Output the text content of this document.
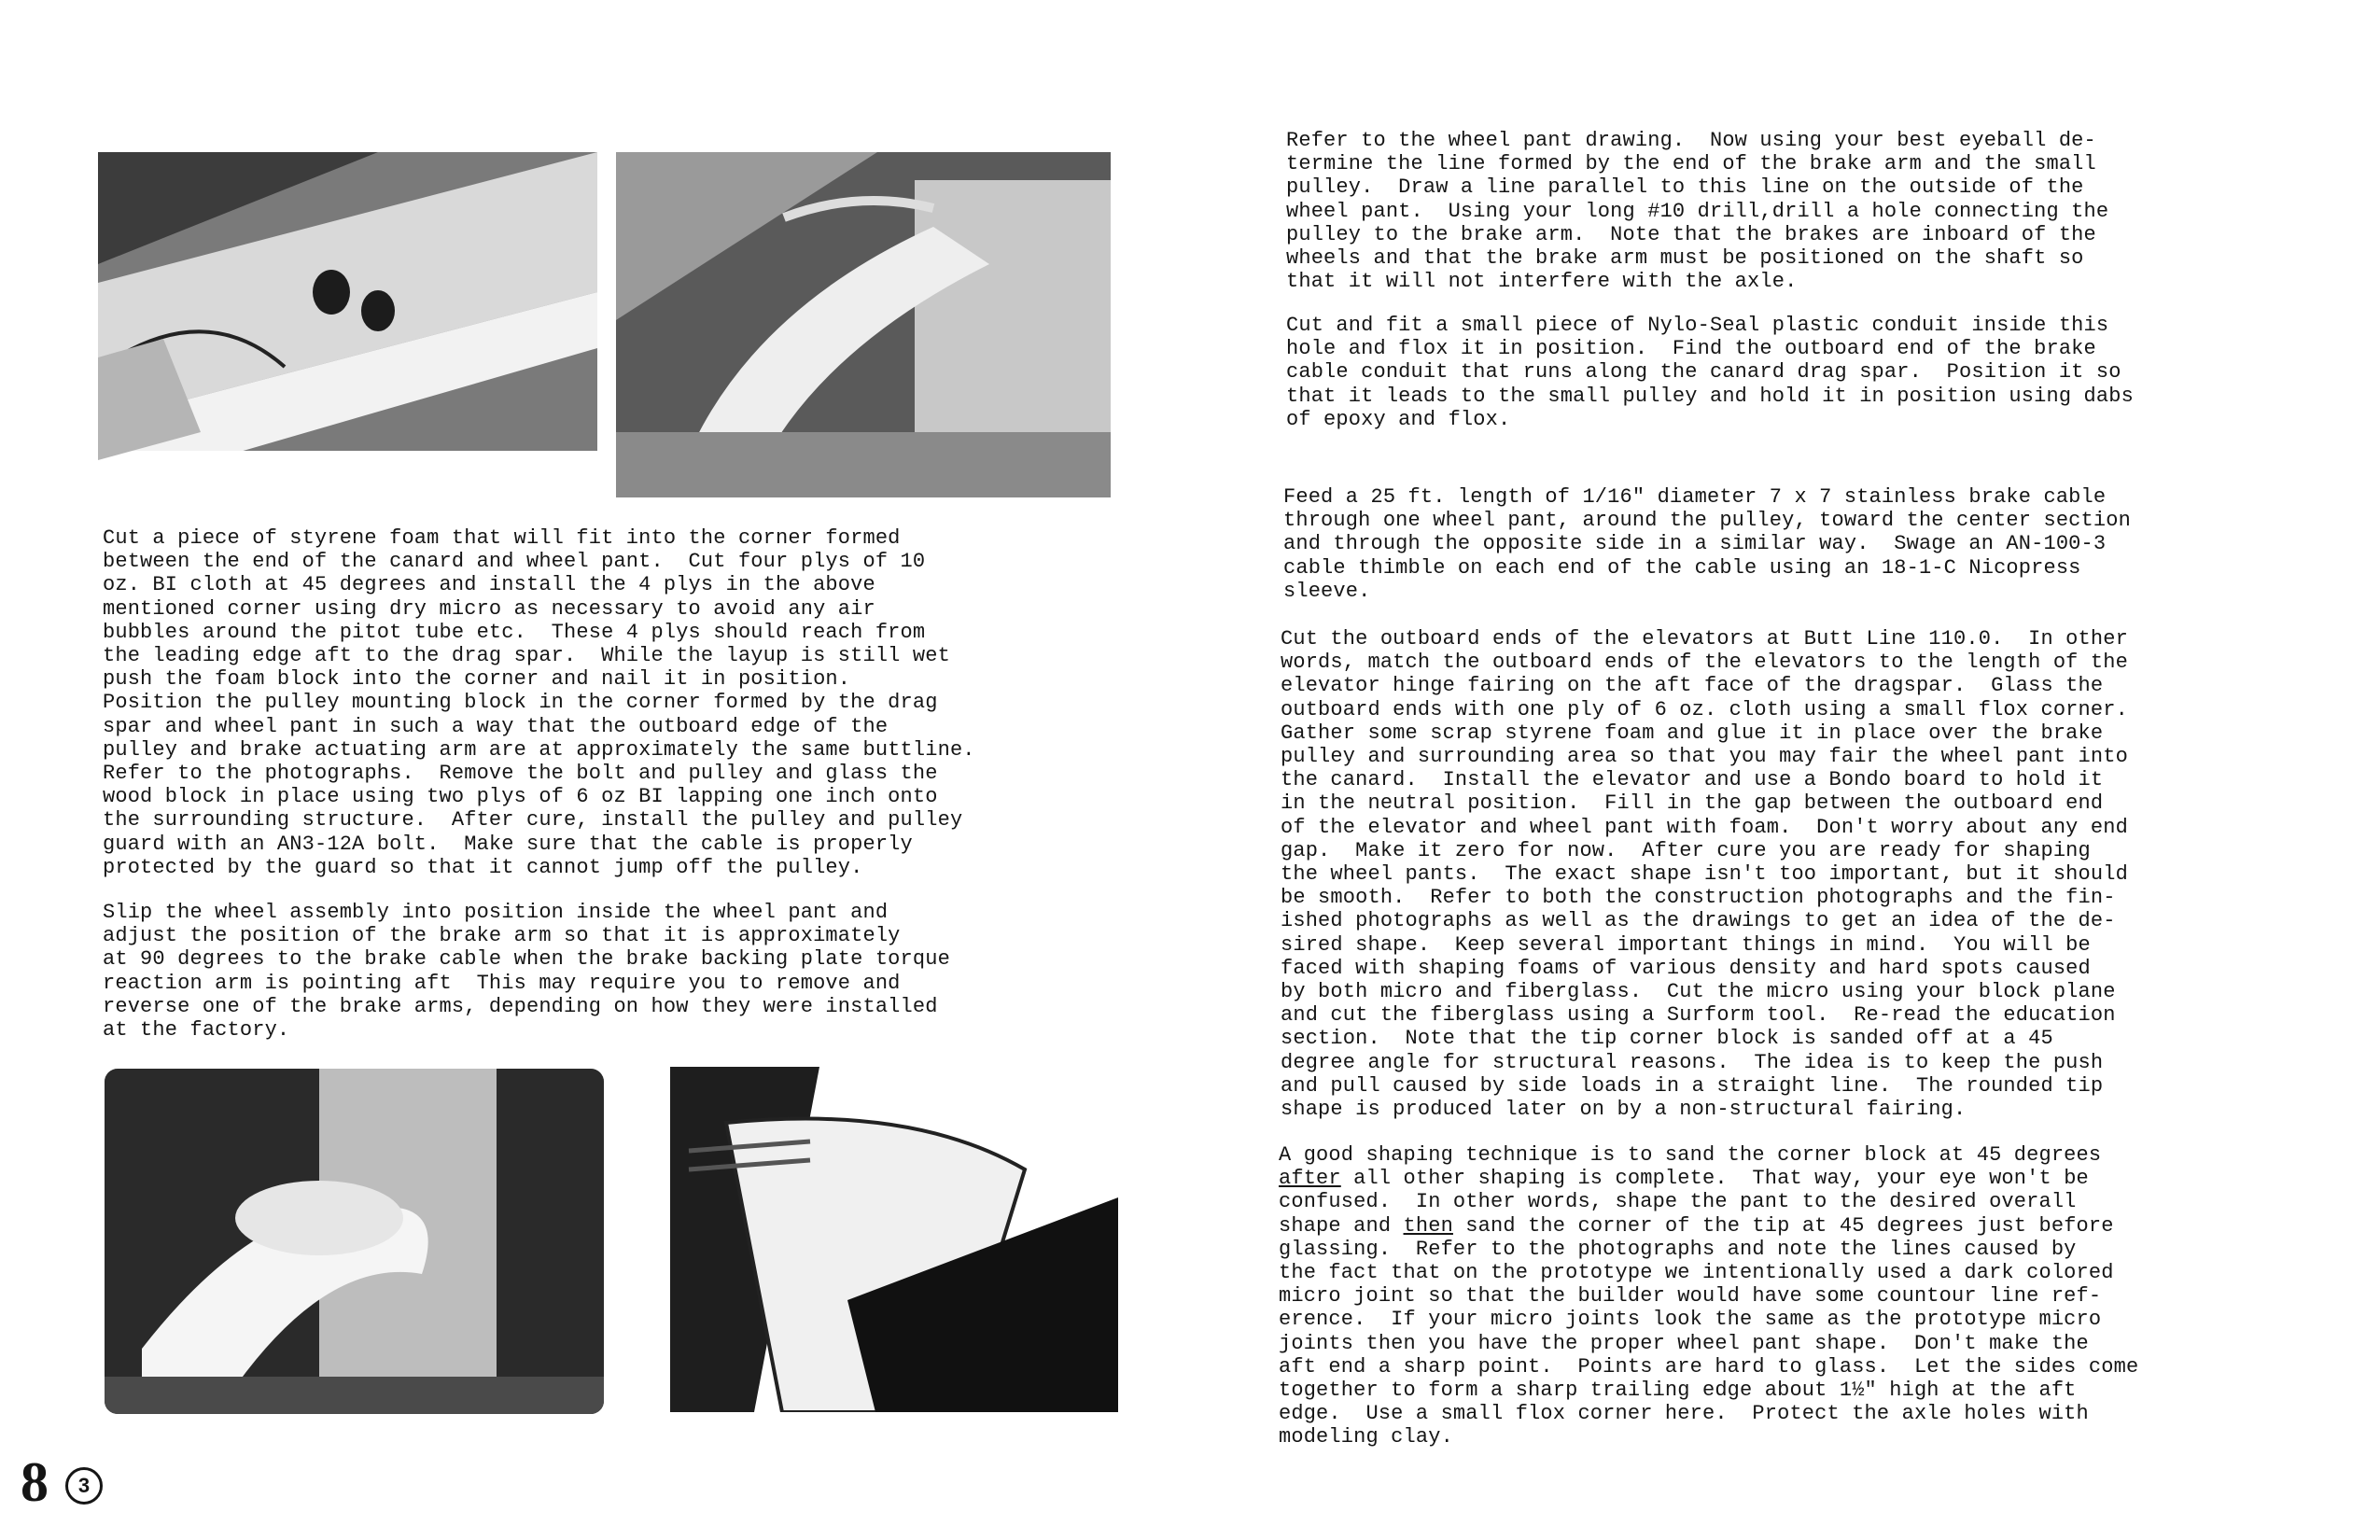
Cut a piece of styrene foam that will fit into the corner formed
between the end of the canard and wheel pant.  Cut four plys of 10
oz. BI cloth at 45 degrees and install the 4 plys in the above
mentioned corner using dry micro as necessary to avoid any air
bubbles around the pitot tube etc.  These 4 plys should reach from
the leading edge aft to the drag spar.  While the layup is still wet
push the foam block into the corner and nail it in position.
Position the pulley mounting block in the corner formed by the drag
spar and wheel pant in such a way that the outboard edge of the
pulley and brake actuating arm are at approximately the same buttline.
Refer to the photographs.  Remove the bolt and pulley and glass the
wood block in place using two plys of 6 oz BI lapping one inch onto
the surrounding structure.  After cure, install the pulley and pulley
guard with an AN3-12A bolt.  Make sure that the cable is properly
protected by the guard so that it cannot jump off the pulley.
Slip the wheel assembly into position inside the wheel pant and
adjust the position of the brake arm so that it is approximately
at 90 degrees to the brake cable when the brake backing plate torque
reaction arm is pointing aft  This may require you to remove and
reverse one of the brake arms, depending on how they were installed
at the factory.
Refer to the wheel pant drawing.  Now using your best eyeball de-
termine the line formed by the end of the brake arm and the small
pulley.  Draw a line parallel to this line on the outside of the
wheel pant.  Using your long #10 drill,drill a hole connecting the
pulley to the brake arm.  Note that the brakes are inboard of the
wheels and that the brake arm must be positioned on the shaft so
that it will not interfere with the axle.
Cut and fit a small piece of Nylo-Seal plastic conduit inside this
hole and flox it in position.  Find the outboard end of the brake
cable conduit that runs along the canard drag spar.  Position it so
that it leads to the small pulley and hold it in position using dabs
of epoxy and flox.
Feed a 25 ft. length of 1/16" diameter 7 x 7 stainless brake cable
through one wheel pant, around the pulley, toward the center section
and through the opposite side in a similar way.  Swage an AN-100-3
cable thimble on each end of the cable using an 18-1-C Nicopress
sleeve.
Cut the outboard ends of the elevators at Butt Line 110.0.  In other
words, match the outboard ends of the elevators to the length of the
elevator hinge fairing on the aft face of the dragspar.  Glass the
outboard ends with one ply of 6 oz. cloth using a small flox corner.
Gather some scrap styrene foam and glue it in place over the brake
pulley and surrounding area so that you may fair the wheel pant into
the canard.  Install the elevator and use a Bondo board to hold it
in the neutral position.  Fill in the gap between the outboard end
of the elevator and wheel pant with foam.  Don't worry about any end
gap.  Make it zero for now.  After cure you are ready for shaping
the wheel pants.  The exact shape isn't too important, but it should
be smooth.  Refer to both the construction photographs and the fin-
ished photographs as well as the drawings to get an idea of the de-
sired shape.  Keep several important things in mind.  You will be
faced with shaping foams of various density and hard spots caused
by both micro and fiberglass.  Cut the micro using your block plane
and cut the fiberglass using a Surform tool.  Re-read the education
section.  Note that the tip corner block is sanded off at a 45
degree angle for structural reasons.  The idea is to keep the push
and pull caused by side loads in a straight line.  The rounded tip
shape is produced later on by a non-structural fairing.
A good shaping technique is to sand the corner block at 45 degrees
after all other shaping is complete.  That way, your eye won't be
confused.  In other words, shape the pant to the desired overall
shape and then sand the corner of the tip at 45 degrees just before
glassing.  Refer to the photographs and note the lines caused by
the fact that on the prototype we intentionally used a dark colored
micro joint so that the builder would have some countour line ref-
erence.  If your micro joints look the same as the prototype micro
joints then you have the proper wheel pant shape.  Don't make the
aft end a sharp point.  Points are hard to glass.  Let the sides come
together to form a sharp trailing edge about 1½" high at the aft
edge.  Use a small flox corner here.  Protect the axle holes with
modeling clay.
8	3
